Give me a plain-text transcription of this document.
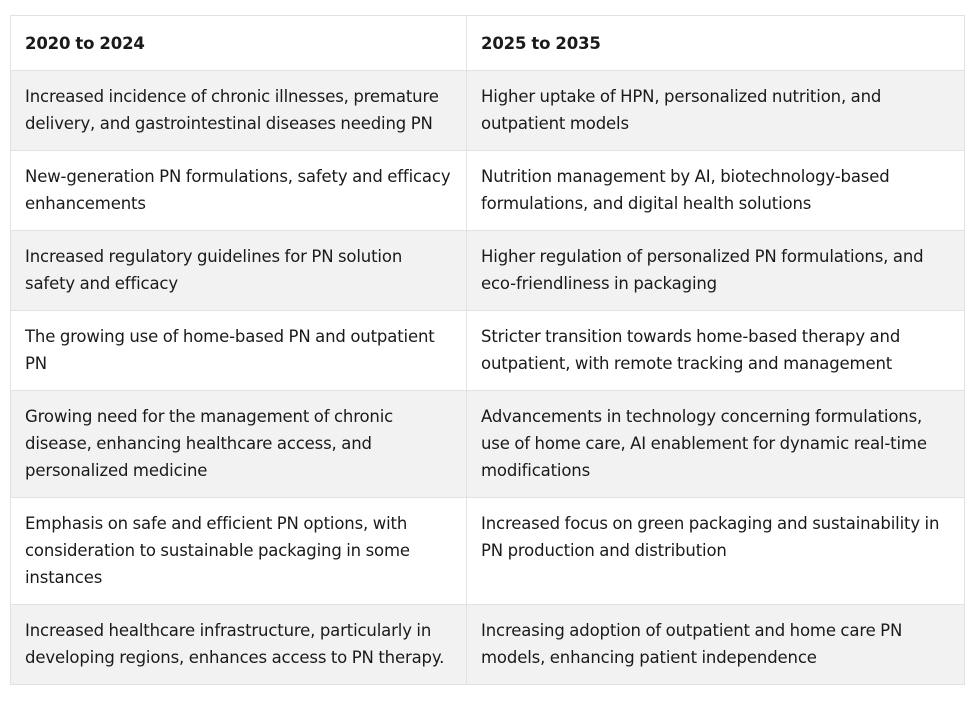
2020 to 2024	2025 to 2035
Increased incidence of chronic illnesses, premature delivery, and gastrointestinal diseases needing PN	Higher uptake of HPN, personalized nutrition, and outpatient models
New-generation PN formulations, safety and efficacy enhancements	Nutrition management by AI, biotechnology-based formulations, and digital health solutions
Increased regulatory guidelines for PN solution safety and efficacy	Higher regulation of personalized PN formulations, and eco-friendliness in packaging
The growing use of home-based PN and outpatient PN	Stricter transition towards home-based therapy and outpatient, with remote tracking and management
Growing need for the management of chronic disease, enhancing healthcare access, and personalized medicine	Advancements in technology concerning formulations, use of home care, AI enablement for dynamic real-time modifications
Emphasis on safe and efficient PN options, with consideration to sustainable packaging in some instances	Increased focus on green packaging and sustainability in PN production and distribution
Increased healthcare infrastructure, particularly in developing regions, enhances access to PN therapy.	Increasing adoption of outpatient and home care PN models, enhancing patient independence
